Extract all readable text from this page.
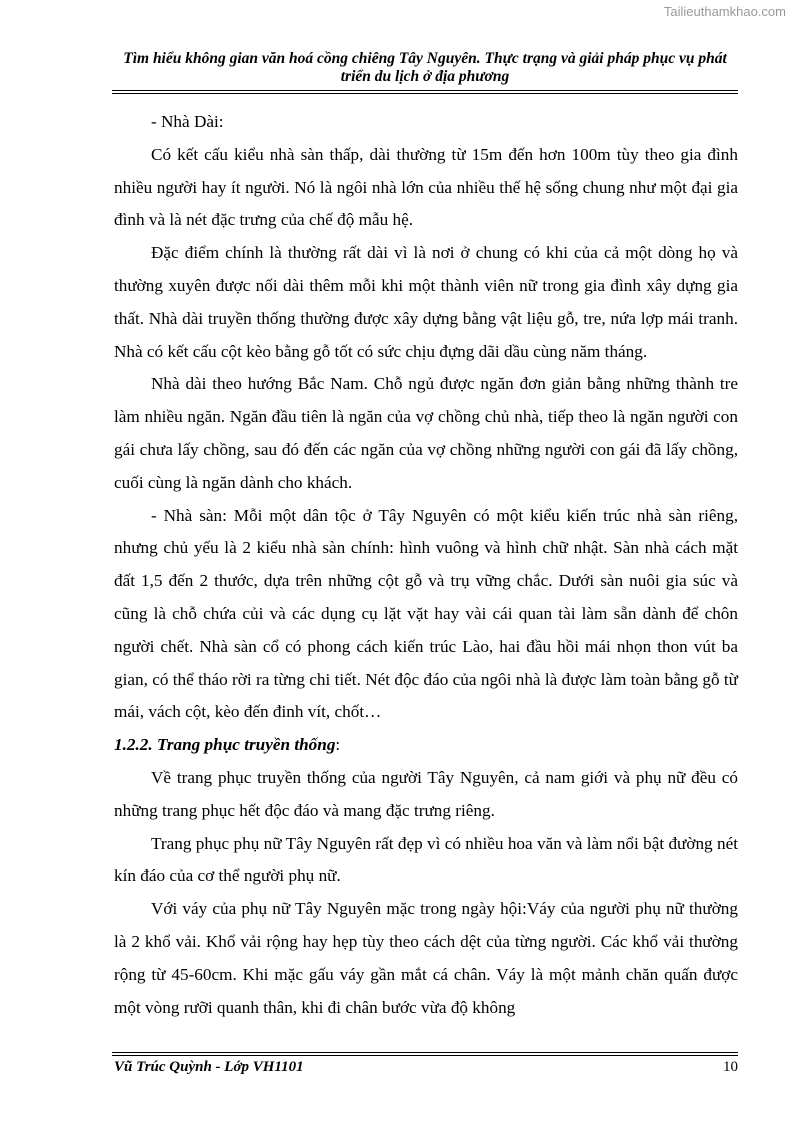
Tailieuthamkhao.com
Tìm hiểu không gian văn hoá cồng chiêng Tây Nguyên. Thực trạng và giải pháp phục vụ phát triển du lịch ở địa phương

- Nhà Dài:

Có kết cấu kiểu nhà sàn thấp, dài thường từ 15m đến hơn 100m tùy theo gia đình nhiều người hay ít người. Nó là ngôi nhà lớn của nhiều thế hệ sống chung như một đại gia đình và là nét đặc trưng của chế độ mẫu hệ.

Đặc điểm chính là thường rất dài vì là nơi ở chung có khi của cả một dòng họ và thường xuyên được nối dài thêm mỗi khi một thành viên nữ trong gia đình xây dựng gia thất. Nhà dài truyền thống thường được xây dựng bằng vật liệu gỗ, tre, nứa lợp mái tranh. Nhà có kết cấu cột kèo bằng gỗ tốt có sức chịu đựng dãi dầu cùng năm tháng.

Nhà dài theo hướng Bắc Nam. Chỗ ngủ được ngăn đơn giản bằng những thành tre làm nhiều ngăn. Ngăn đầu tiên là ngăn của vợ chồng chủ nhà, tiếp theo là ngăn người con gái chưa lấy chồng, sau đó đến các ngăn của vợ chồng những người con gái đã lấy chồng, cuối cùng là ngăn dành cho khách.

- Nhà sàn: Mỗi một dân tộc ở Tây Nguyên có một kiểu kiến trúc nhà sàn riêng, nhưng chủ yếu là 2 kiểu nhà sàn chính: hình vuông và hình chữ nhật. Sàn nhà cách mặt đất 1,5 đến 2 thước, dựa trên những cột gỗ và trụ vững chắc. Dưới sàn nuôi gia súc và cũng là chỗ chứa củi và các dụng cụ lặt vặt hay vài cái quan tài làm sẵn dành để chôn người chết. Nhà sàn cổ có phong cách kiến trúc Lào, hai đầu hồi mái nhọn thon vút ba gian, có thể tháo rời ra từng chi tiết. Nét độc đáo của ngôi nhà là được làm toàn bằng gỗ từ mái, vách cột, kèo đến đinh vít, chốt…

1.2.2. Trang phục truyền thống:

Về trang phục truyền thống của người Tây Nguyên, cả nam giới và phụ nữ đều có những trang phục hết độc đáo và mang đặc trưng riêng.

Trang phục phụ nữ Tây Nguyên rất đẹp vì có nhiều hoa văn và làm nổi bật đường nét kín đáo của cơ thể người phụ nữ.

Với váy của phụ nữ Tây Nguyên mặc trong ngày hội:Váy của người phụ nữ thường là 2 khổ vải. Khổ vải rộng hay hẹp tùy theo cách dệt của từng người. Các khổ vải thường rộng từ 45-60cm. Khi mặc gấu váy gần mắt cá chân. Váy là một mảnh chăn quấn được một vòng rưỡi quanh thân, khi đi chân bước vừa độ không

Vũ Trúc Quỳnh - Lớp VH1101	10
